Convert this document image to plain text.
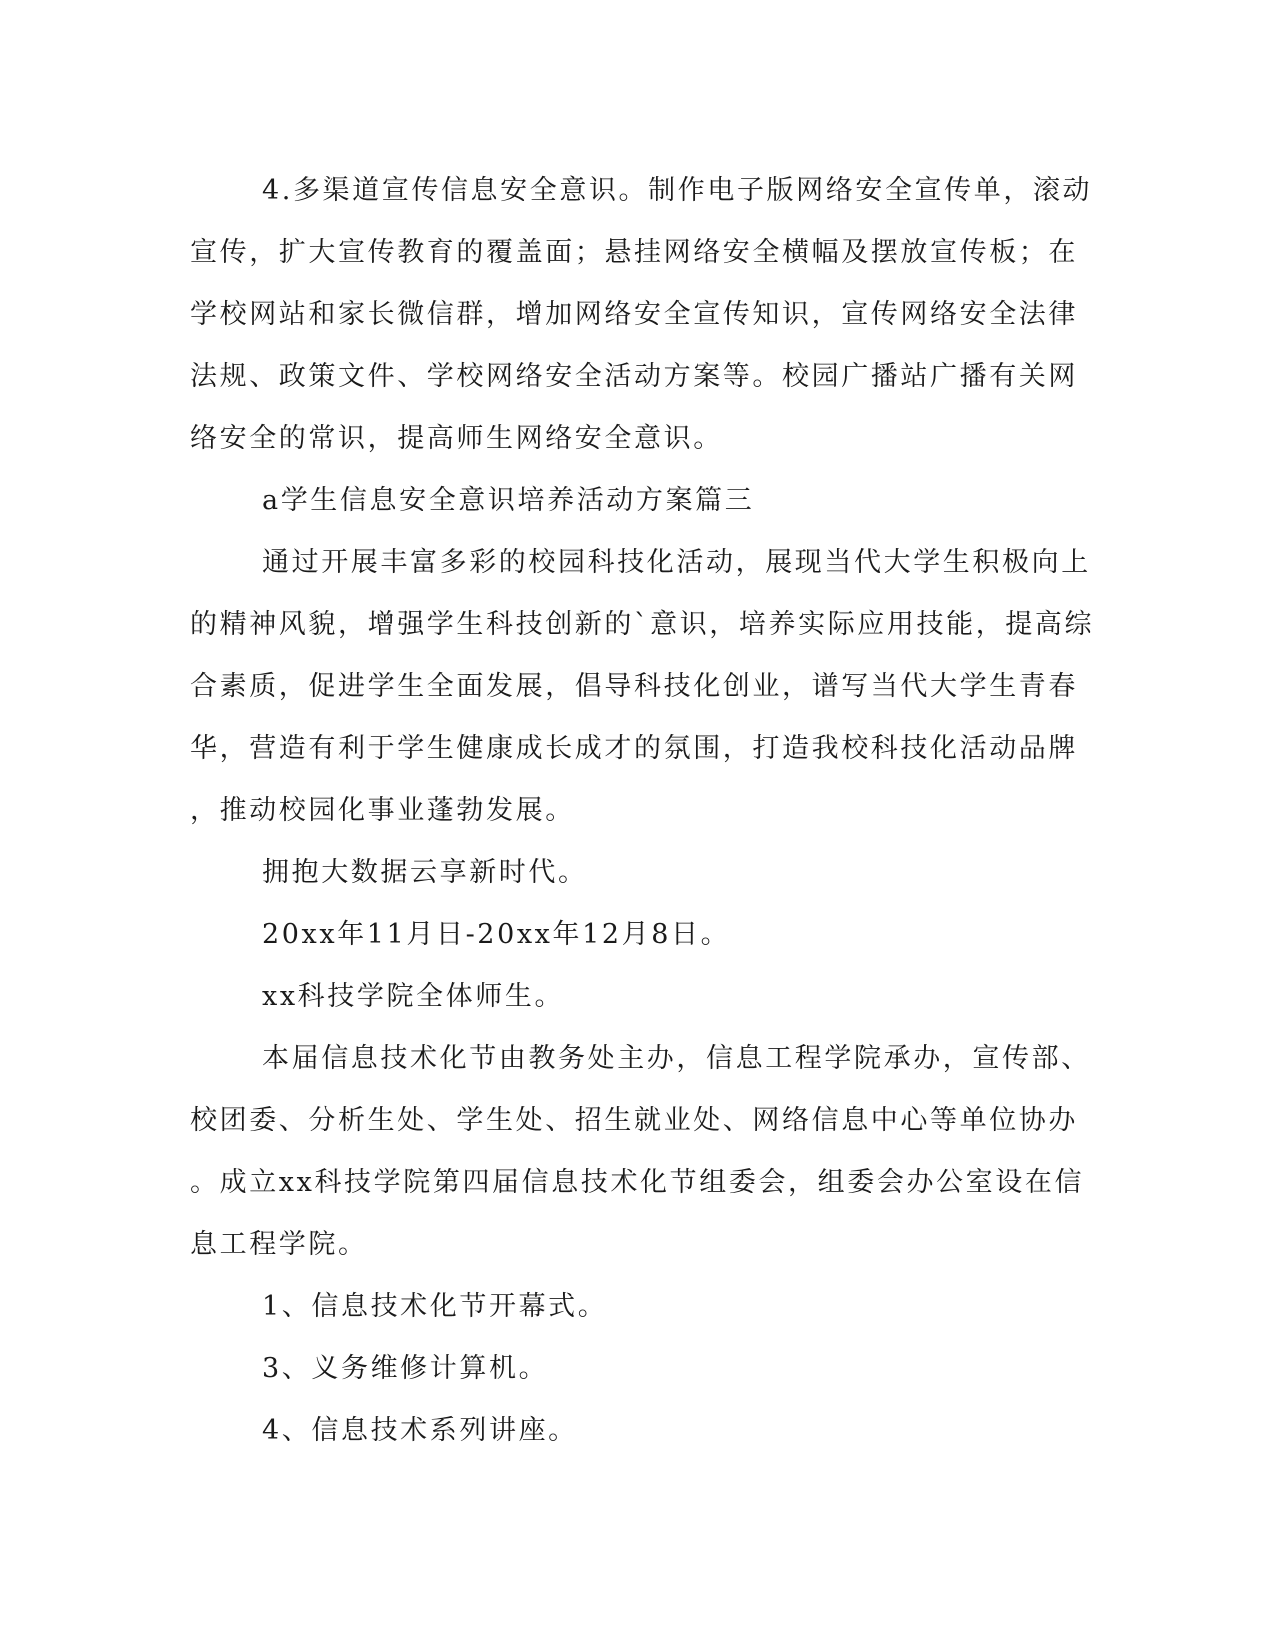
4.多渠道宣传信息安全意识。制作电子版网络安全宣传单，滚动
宣传，扩大宣传教育的覆盖面；悬挂网络安全横幅及摆放宣传板；在
学校网站和家长微信群，增加网络安全宣传知识，宣传网络安全法律
法规、政策文件、学校网络安全活动方案等。校园广播站广播有关网
络安全的常识，提高师生网络安全意识。
a学生信息安全意识培养活动方案篇三
通过开展丰富多彩的校园科技化活动，展现当代大学生积极向上
的精神风貌，增强学生科技创新的`意识，培养实际应用技能，提高综
合素质，促进学生全面发展，倡导科技化创业，谱写当代大学生青春
华，营造有利于学生健康成长成才的氛围，打造我校科技化活动品牌
，推动校园化事业蓬勃发展。
拥抱大数据云享新时代。
20xx年11月日-20xx年12月8日。
xx科技学院全体师生。
本届信息技术化节由教务处主办，信息工程学院承办，宣传部、
校团委、分析生处、学生处、招生就业处、网络信息中心等单位协办
。成立xx科技学院第四届信息技术化节组委会，组委会办公室设在信
息工程学院。
1、信息技术化节开幕式。
3、义务维修计算机。
4、信息技术系列讲座。
